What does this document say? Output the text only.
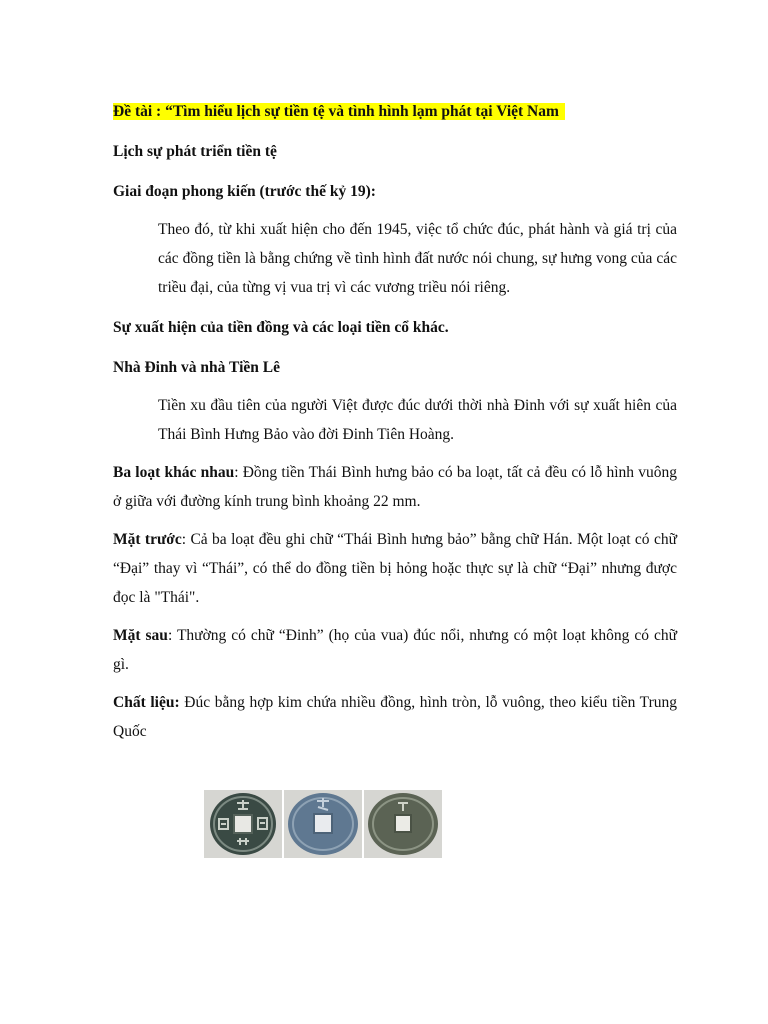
Đề tài : “Tìm hiểu lịch sự tiền tệ và tình hình lạm phát tại Việt Nam

Lịch sự phát triển tiền tệ

Giai đoạn phong kiến (trước thế kỷ 19):

Theo đó, từ khi xuất hiện cho đến 1945, việc tổ chức đúc, phát hành và giá trị của các đồng tiền là bằng chứng về tình hình đất nước nói chung, sự hưng vong của các triều đại, của từng vị vua trị vì các vương triều nói riêng.

Sự xuất hiện của tiền đồng và các loại tiền cổ khác.

Nhà Đinh và nhà Tiền Lê

Tiền xu đầu tiên của người Việt được đúc dưới thời nhà Đinh với sự xuất hiên của Thái Bình Hưng Bảo vào đời Đinh Tiên Hoàng.

Ba loạt khác nhau: Đồng tiền Thái Bình hưng bảo có ba loạt, tất cả đều có lỗ hình vuông ở giữa với đường kính trung bình khoảng 22 mm.

Mặt trước: Cả ba loạt đều ghi chữ “Thái Bình hưng bảo” bằng chữ Hán. Một loạt có chữ “Đại” thay vì “Thái”, có thể do đồng tiền bị hỏng hoặc thực sự là chữ “Đại” nhưng được đọc là "Thái".

Mặt sau: Thường có chữ “Đinh” (họ của vua) đúc nổi, nhưng có một loạt không có chữ gì.

Chất liệu: Đúc bằng hợp kim chứa nhiều đồng, hình tròn, lỗ vuông, theo kiểu tiền Trung Quốc
